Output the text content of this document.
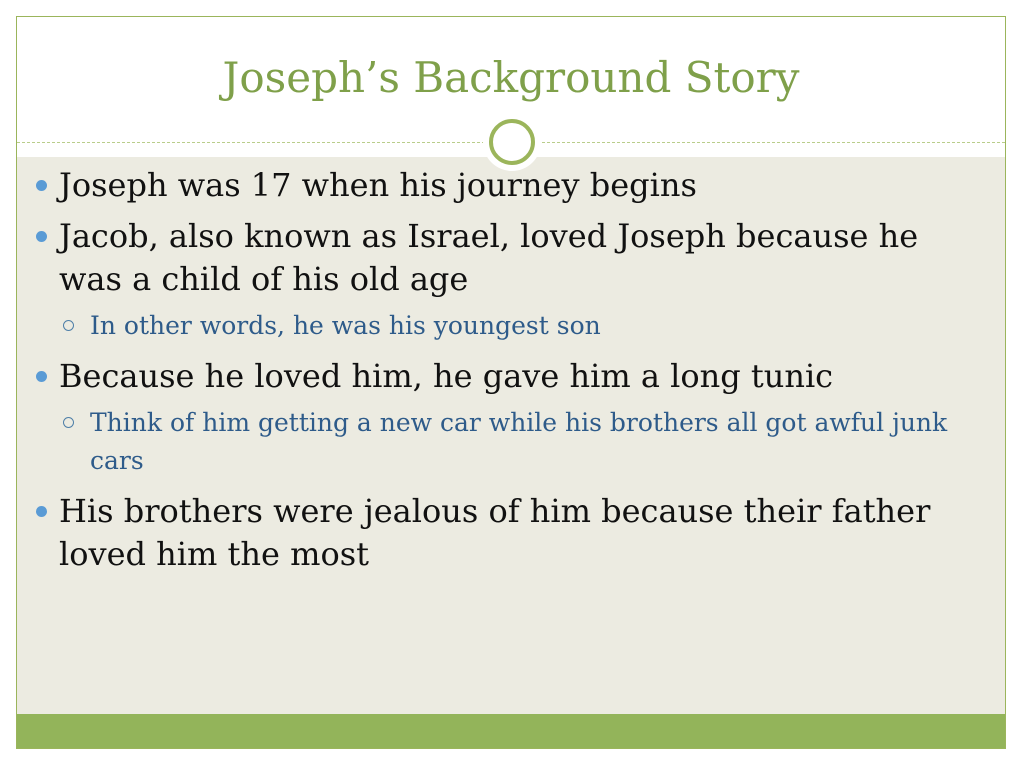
Joseph’s Background Story
Joseph was 17 when his journey begins
Jacob, also known as Israel, loved Joseph because he was a child of his old age
In other words, he was his youngest son
Because he loved him, he gave him a long tunic
Think of him getting a new car while his brothers all got awful junk cars
His brothers were jealous of him because their father loved him the most
